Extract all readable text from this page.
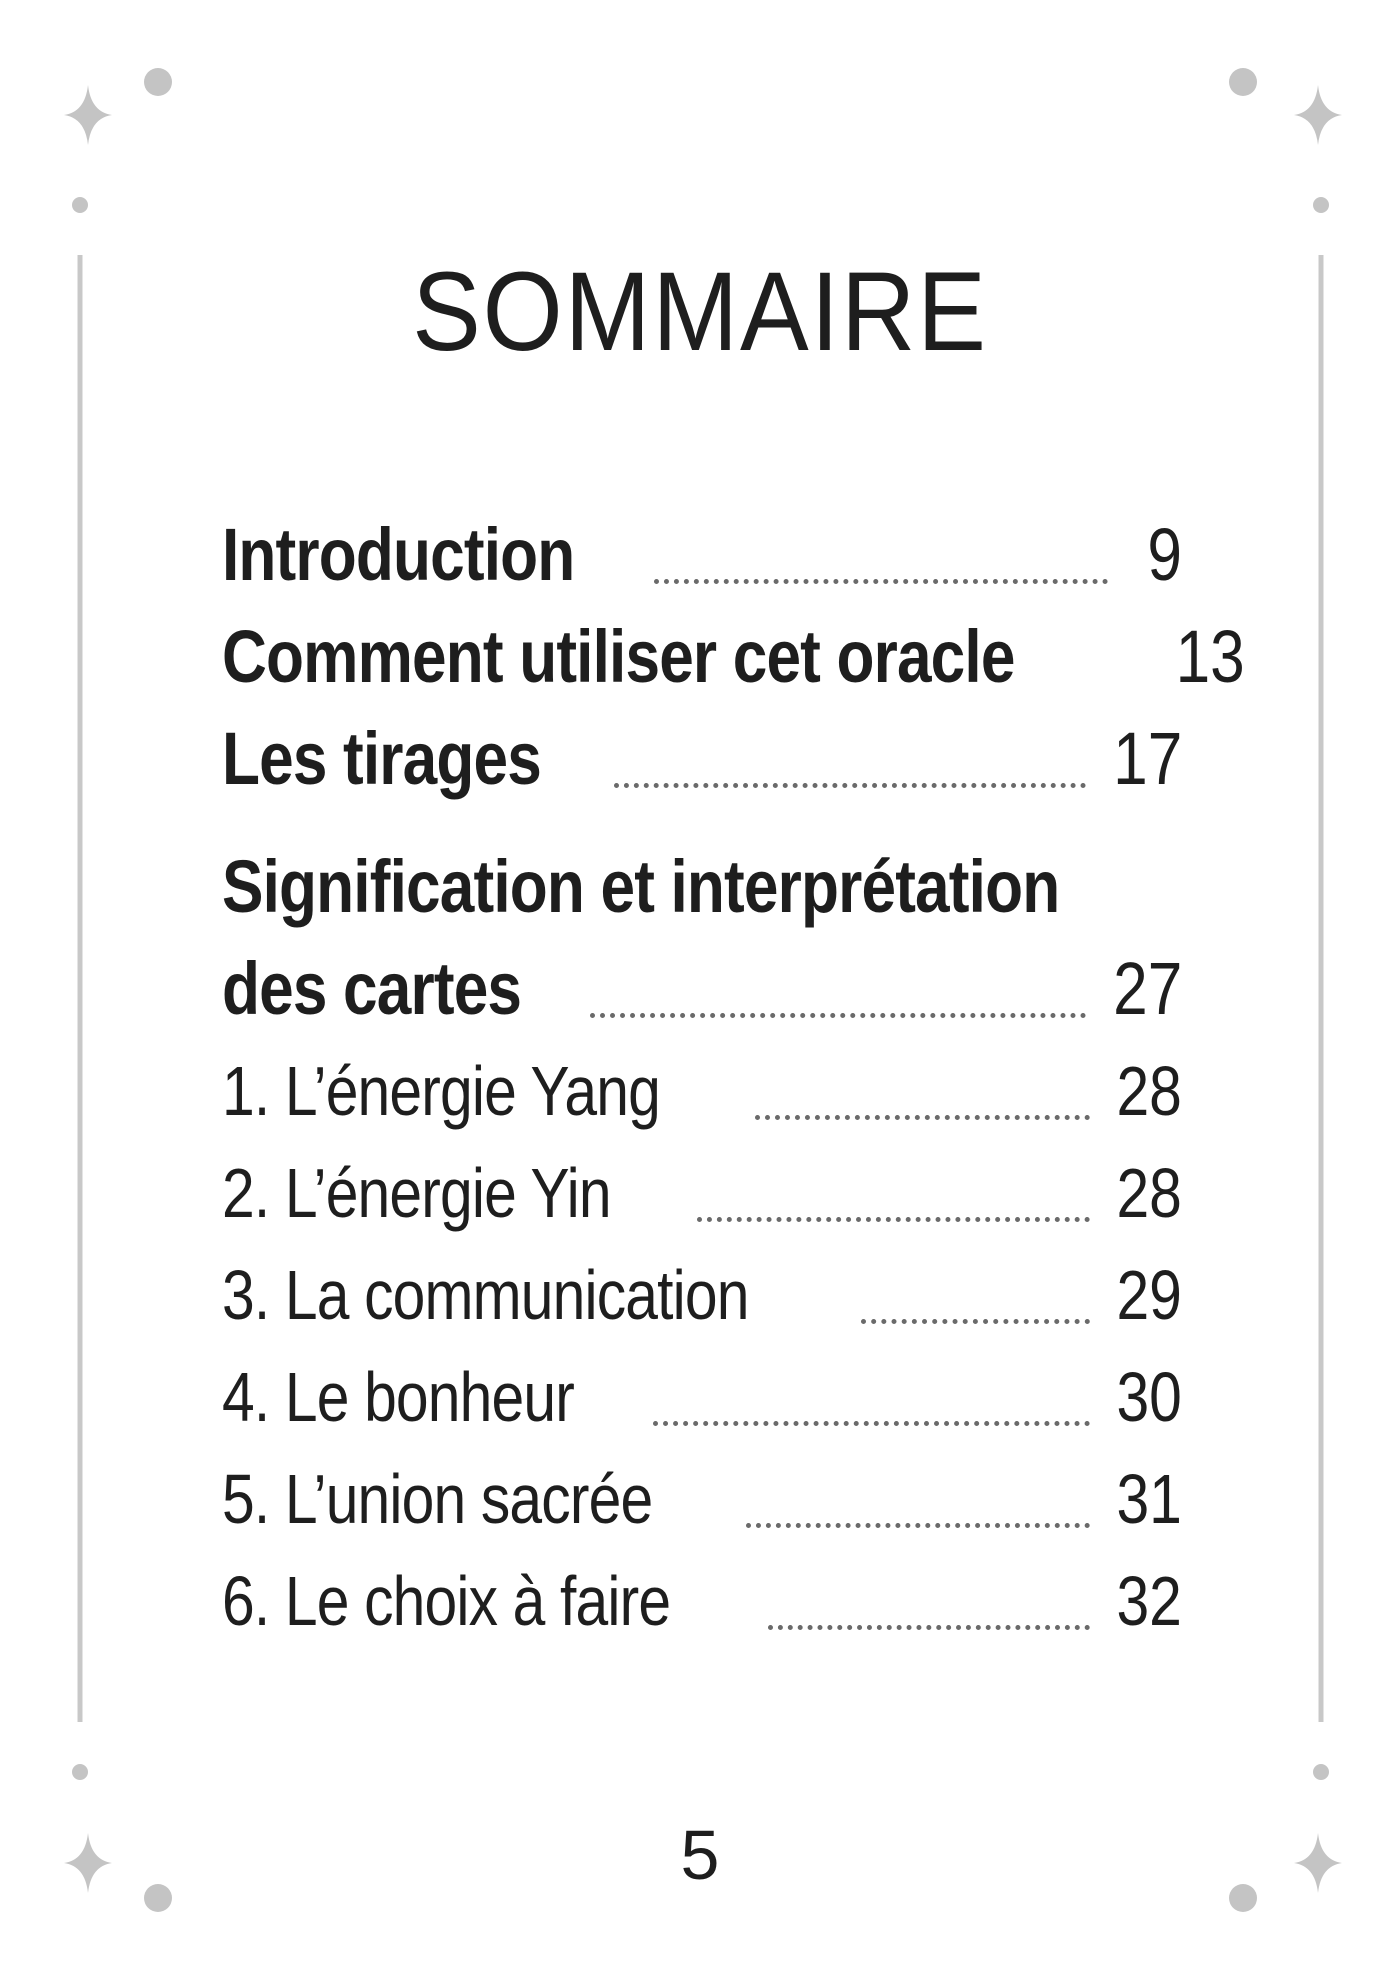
SOMMAIRE
Introduction	9
Comment utiliser cet oracle 13
Les tirages	17
Signification et interprétation
des cartes	27
1. L’énergie Yang	28
2. L’énergie Yin	28
3. La communication	29
4. Le bonheur	30
5. L’union sacrée	31
6. Le choix à faire	32
5
